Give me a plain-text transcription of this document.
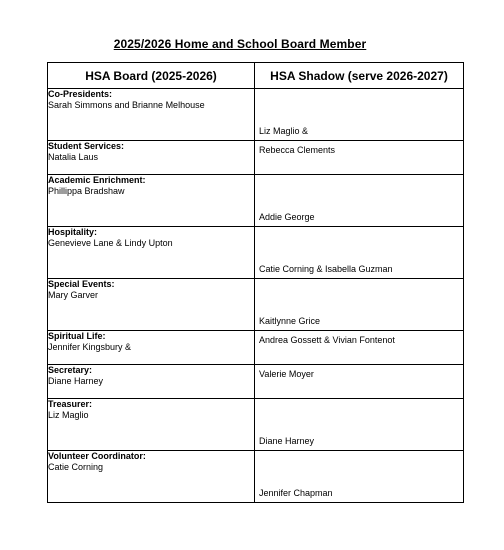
2025/2026 Home and School Board Member
HSA Board (2025-2026)	HSA Shadow (serve 2026-2027)

Co-Presidents:
Sarah Simmons and Brianne Melhouse	Liz Maglio &

Student Services:
Natalia Laus	Rebecca Clements

Academic Enrichment:
Phillippa Bradshaw	Addie George

Hospitality:
Genevieve Lane & Lindy Upton	Catie Corning & Isabella Guzman

Special Events:
Mary Garver	Kaitlynne Grice

Spiritual Life:
Jennifer Kingsbury &	Andrea Gossett & Vivian Fontenot

Secretary:
Diane Harney	Valerie Moyer

Treasurer:
Liz Maglio	Diane Harney

Volunteer Coordinator:
Catie Corning	Jennifer Chapman
